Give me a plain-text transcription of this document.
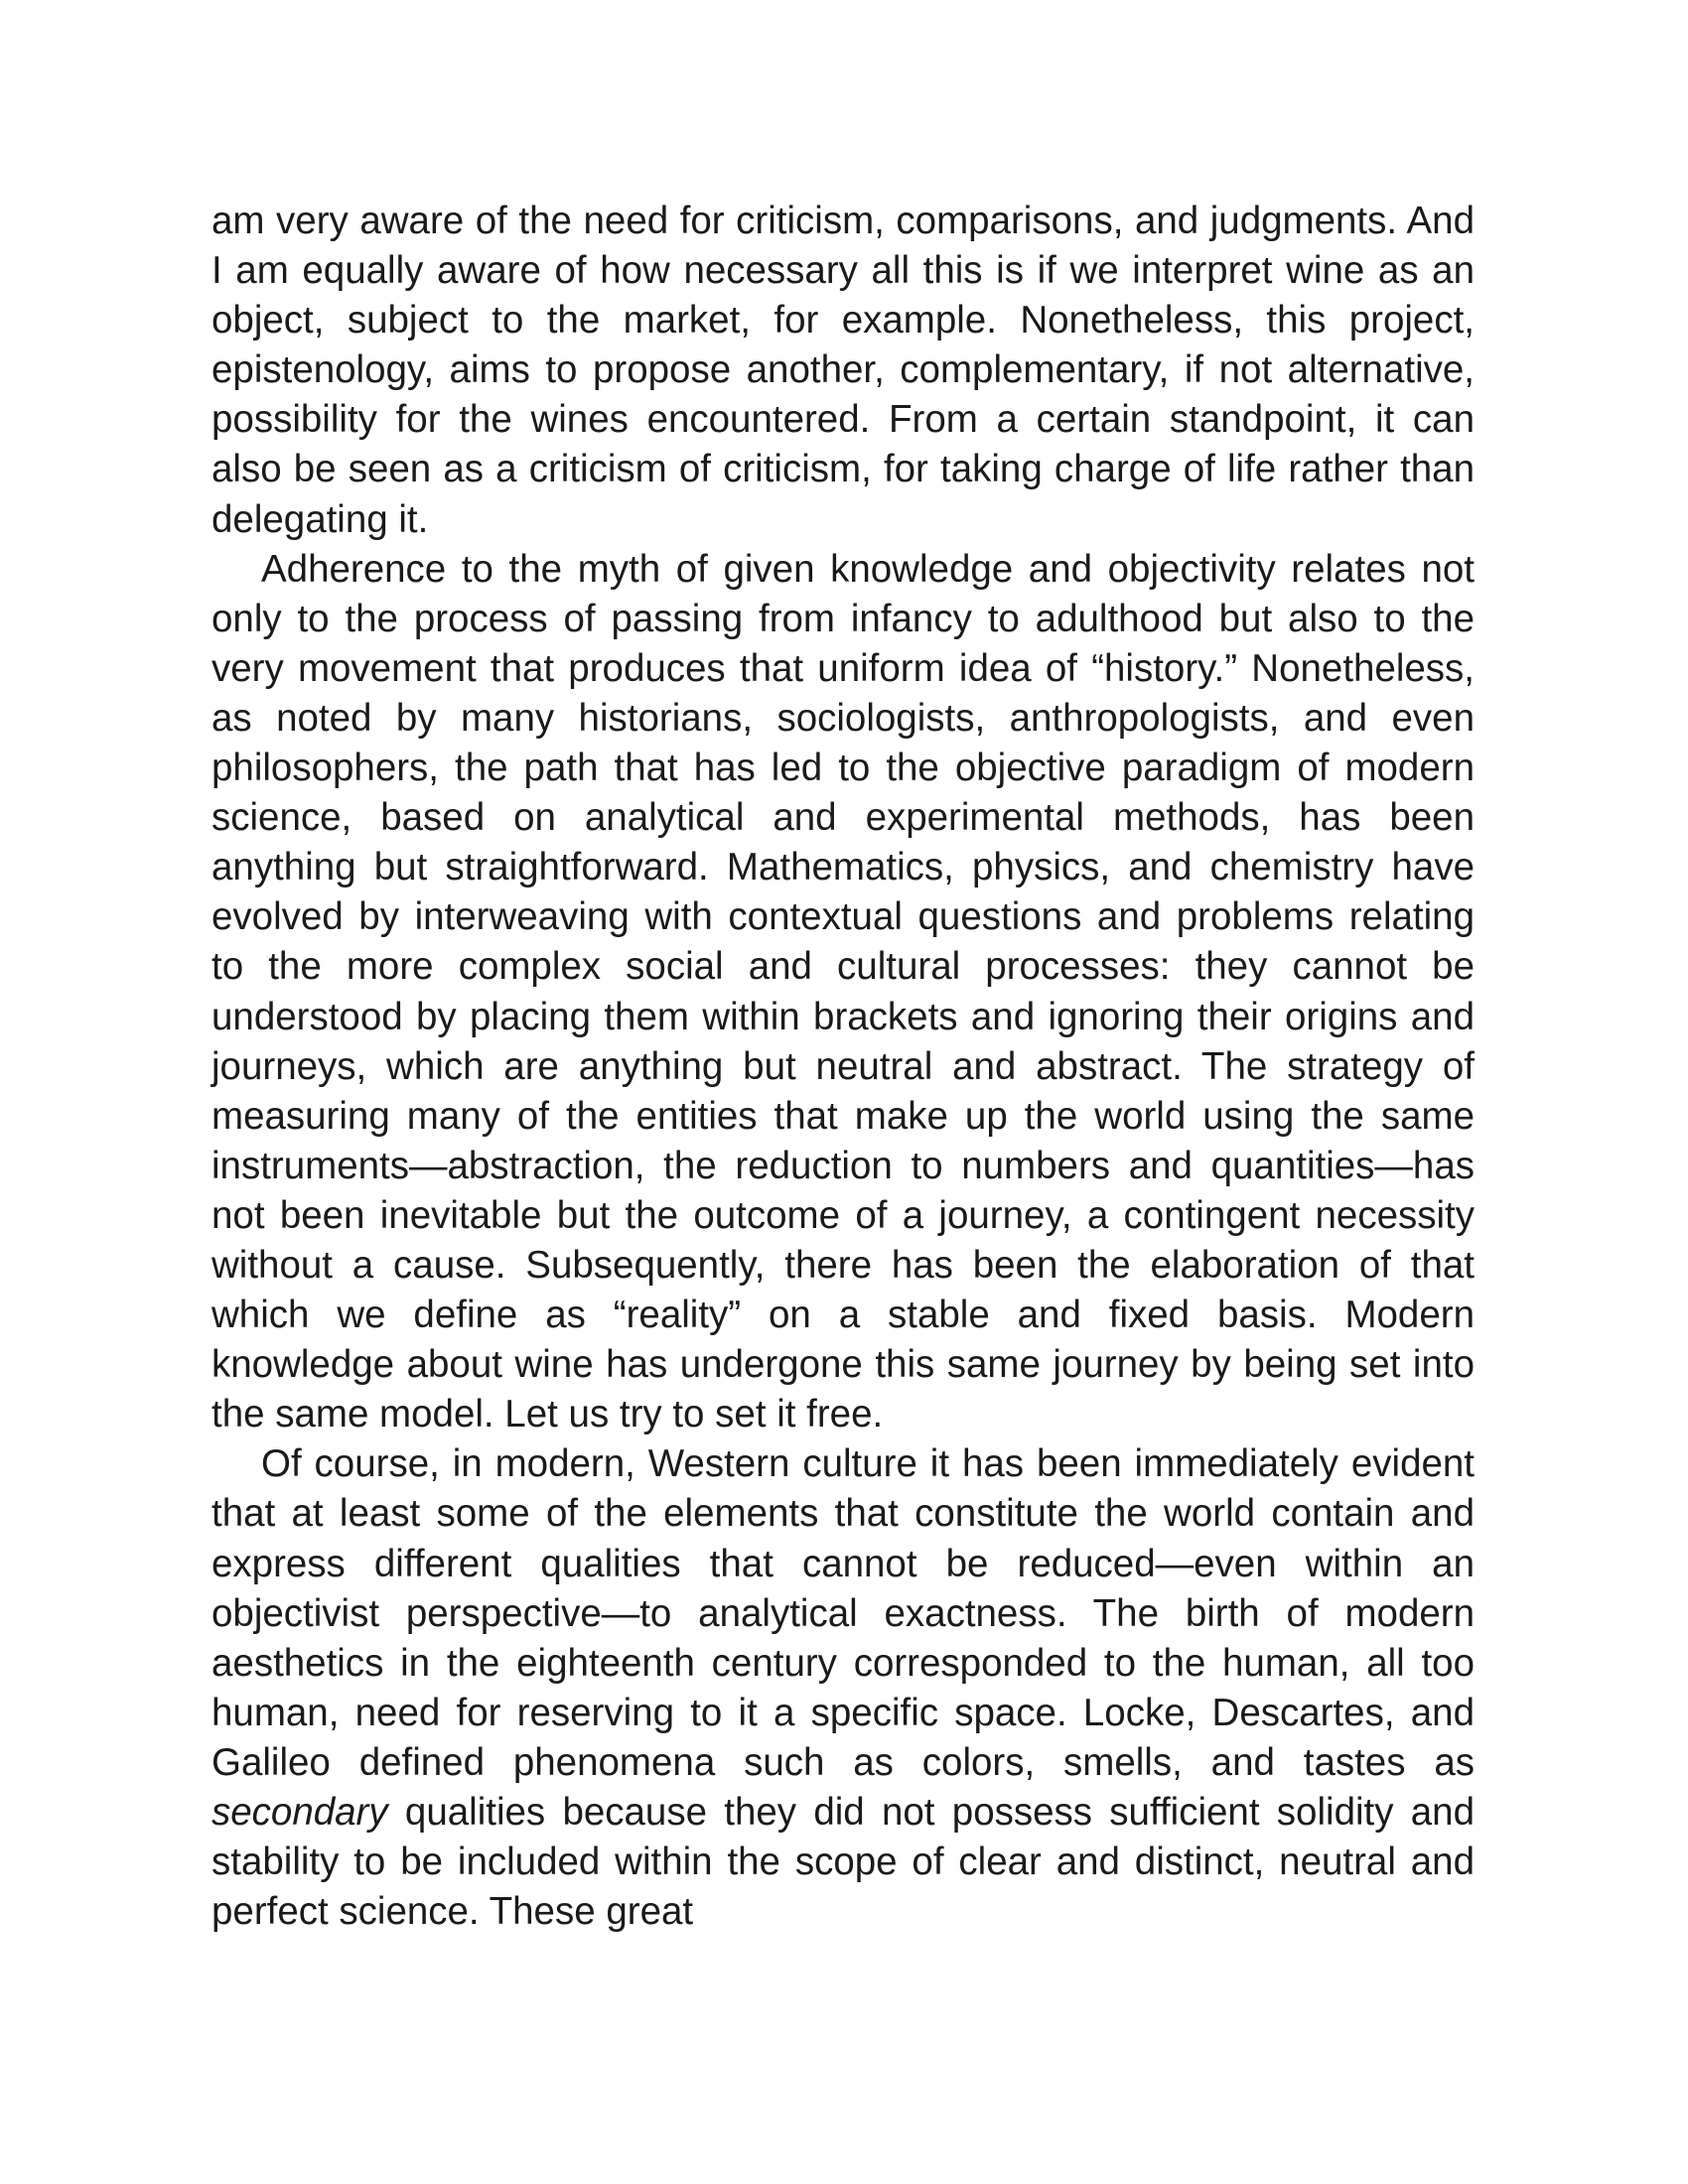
am very aware of the need for criticism, comparisons, and judgments. And I am equally aware of how necessary all this is if we interpret wine as an object, subject to the market, for example. Nonetheless, this project, epistenology, aims to propose another, complementary, if not alternative, possibility for the wines encountered. From a certain standpoint, it can also be seen as a criticism of criticism, for taking charge of life rather than delegating it.

Adherence to the myth of given knowledge and objectivity relates not only to the process of passing from infancy to adulthood but also to the very movement that produces that uniform idea of “history.” Nonetheless, as noted by many historians, sociologists, anthropologists, and even philosophers, the path that has led to the objective paradigm of modern science, based on analytical and experimental methods, has been anything but straightforward. Mathematics, physics, and chemistry have evolved by interweaving with contextual questions and problems relating to the more complex social and cultural processes: they cannot be understood by placing them within brackets and ignoring their origins and journeys, which are anything but neutral and abstract. The strategy of measuring many of the entities that make up the world using the same instruments—abstraction, the reduction to numbers and quantities—has not been inevitable but the outcome of a journey, a contingent necessity without a cause. Subsequently, there has been the elaboration of that which we define as “reality” on a stable and fixed basis. Modern knowledge about wine has undergone this same journey by being set into the same model. Let us try to set it free.

Of course, in modern, Western culture it has been immediately evident that at least some of the elements that constitute the world contain and express different qualities that cannot be reduced—even within an objectivist perspective—to analytical exactness. The birth of modern aesthetics in the eighteenth century corresponded to the human, all too human, need for reserving to it a specific space. Locke, Descartes, and Galileo defined phenomena such as colors, smells, and tastes as secondary qualities because they did not possess sufficient solidity and stability to be included within the scope of clear and distinct, neutral and perfect science. These great
